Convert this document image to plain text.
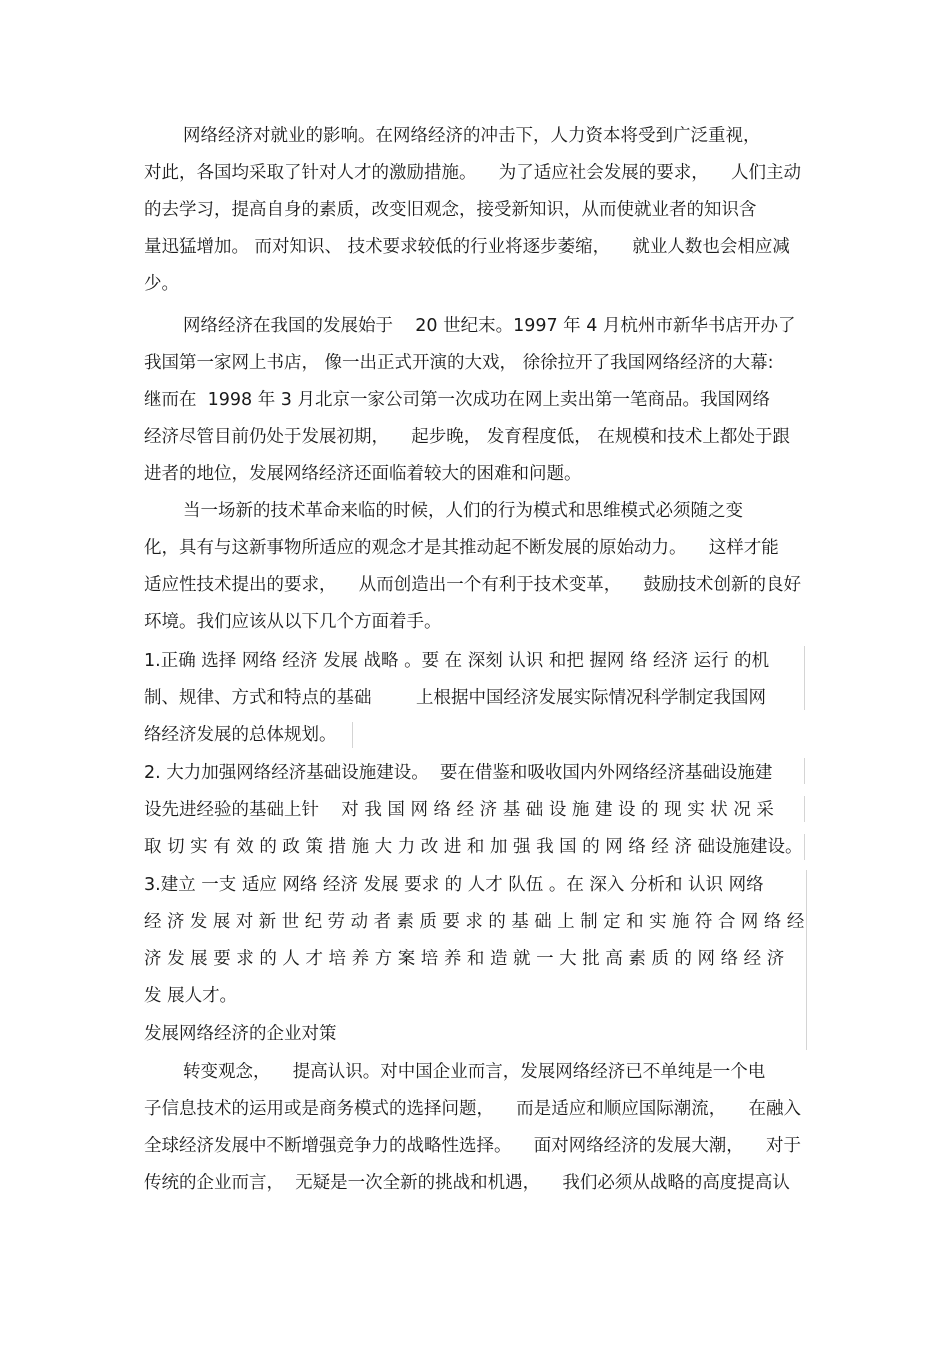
网络经济对就业的影响。在网络经济的冲击下，人力资本将受到广泛重视，
对此，各国均采取了针对人才的激励措施。    为了适应社会发展的要求，    人们主动
的去学习，提高自身的素质，改变旧观念，接受新知识，从而使就业者的知识含
量迅猛增加。 而对知识、 技术要求较低的行业将逐步萎缩，    就业人数也会相应减
少。
网络经济在我国的发展始于    20 世纪末。1997 年 4 月杭州市新华书店开办了
我国第一家网上书店， 像一出正式开演的大戏， 徐徐拉开了我国网络经济的大幕:
继而在  1998 年 3 月北京一家公司第一次成功在网上卖出第一笔商品。我国网络
经济尽管目前仍处于发展初期，    起步晚， 发育程度低， 在规模和技术上都处于跟
进者的地位，发展网络经济还面临着较大的困难和问题。
当一场新的技术革命来临的时候，人们的行为模式和思维模式必须随之变
化，具有与这新事物所适应的观念才是其推动起不断发展的原始动力。    这样才能
适应性技术提出的要求，    从而创造出一个有利于技术变革，    鼓励技术创新的良好
环境。我们应该从以下几个方面着手。
1.正确 选择 网络 经济 发展 战略 。要 在 深刻 认识 和把 握网 络 经济 运行 的机
制、规律、方式和特点的基础        上根据中国经济发展实际情况科学制定我国网
络经济发展的总体规划。
2. 大力加强网络经济基础设施建设。  要在借鉴和吸收国内外网络经济基础设施建
设先进经验的基础上针    对 我 国 网 络 经 济 基 础 设 施 建 设 的 现 实 状 况 采
取 切 实 有 效 的 政 策 措 施 大 力 改 进 和 加 强 我 国 的 网 络 经 济 础设施建设。
3.建立 一支 适应 网络 经济 发展 要求 的 人才 队伍 。在 深入 分析和 认识 网络
经 济 发 展 对 新 世 纪 劳 动 者 素 质 要 求 的 基 础 上 制 定 和 实 施 符 合 网 络 经
济 发 展 要 求 的 人 才 培 养 方 案 培 养 和 造 就 一 大 批 高 素 质 的 网 络 经 济
发 展人才。
发展网络经济的企业对策
转变观念，    提高认识。对中国企业而言，发展网络经济已不单纯是一个电
子信息技术的运用或是商务模式的选择问题，    而是适应和顺应国际潮流，    在融入
全球经济发展中不断增强竞争力的战略性选择。    面对网络经济的发展大潮，    对于
传统的企业而言，  无疑是一次全新的挑战和机遇，    我们必须从战略的高度提高认
